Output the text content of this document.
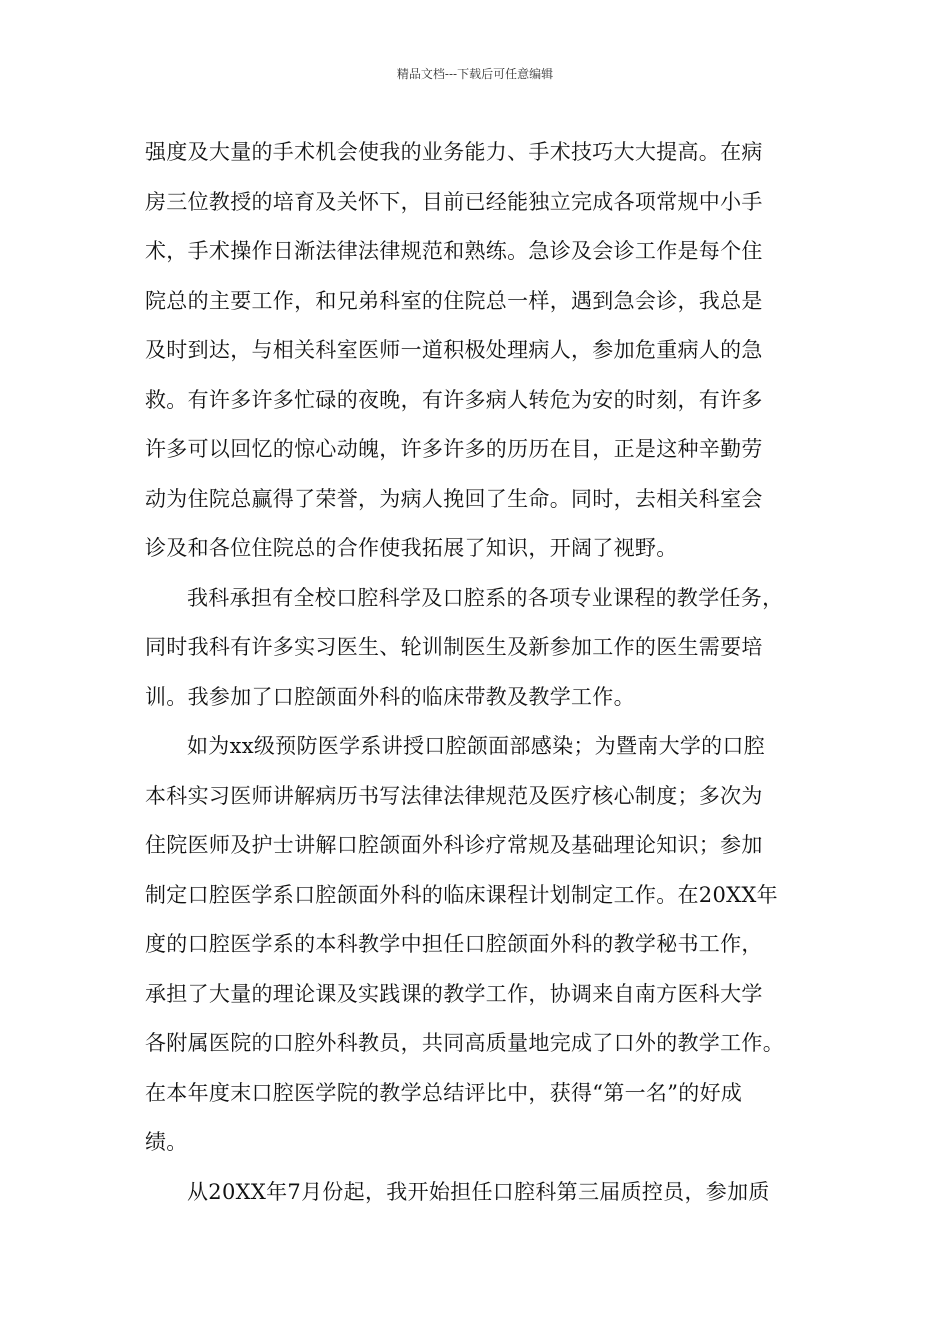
精品文档---下载后可任意编辑
强度及大量的手术机会使我的业务能力、手术技巧大大提高。在病
房三位教授的培育及关怀下，目前已经能独立完成各项常规中小手
术，手术操作日渐法律法律规范和熟练。急诊及会诊工作是每个住
院总的主要工作，和兄弟科室的住院总一样，遇到急会诊，我总是
及时到达，与相关科室医师一道积极处理病人，参加危重病人的急
救。有许多许多忙碌的夜晚，有许多病人转危为安的时刻，有许多
许多可以回忆的惊心动魄，许多许多的历历在目，正是这种辛勤劳
动为住院总赢得了荣誉，为病人挽回了生命。同时，去相关科室会
诊及和各位住院总的合作使我拓展了知识，开阔了视野。
我科承担有全校口腔科学及口腔系的各项专业课程的教学任务，
同时我科有许多实习医生、轮训制医生及新参加工作的医生需要培
训。我参加了口腔颌面外科的临床带教及教学工作。
如为xx级预防医学系讲授口腔颌面部感染；为暨南大学的口腔
本科实习医师讲解病历书写法律法律规范及医疗核心制度；多次为
住院医师及护士讲解口腔颌面外科诊疗常规及基础理论知识；参加
制定口腔医学系口腔颌面外科的临床课程计划制定工作。在20XX年
度的口腔医学系的本科教学中担任口腔颌面外科的教学秘书工作，
承担了大量的理论课及实践课的教学工作，协调来自南方医科大学
各附属医院的口腔外科教员，共同高质量地完成了口外的教学工作。
在本年度末口腔医学院的教学总结评比中，获得“第一名”的好成
绩。
从20XX年7月份起，我开始担任口腔科第三届质控员，参加质
